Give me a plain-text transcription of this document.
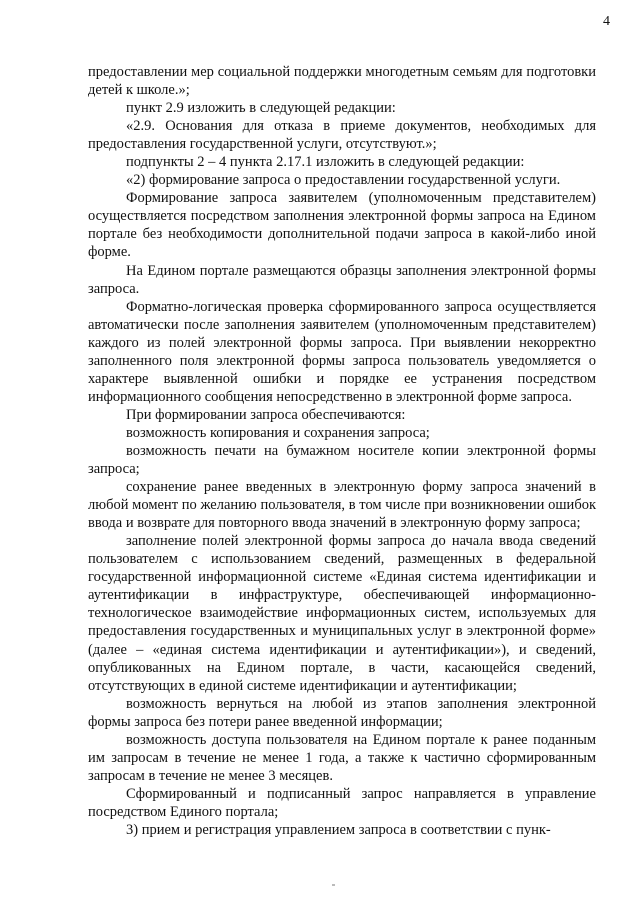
4

предоставлении мер социальной поддержки многодетным семьям для подготовки детей к школе.»;

пункт 2.9 изложить в следующей редакции:

«2.9. Основания для отказа в приеме документов, необходимых для предоставления государственной услуги, отсутствуют.»;

подпункты 2 – 4 пункта 2.17.1 изложить в следующей редакции:

«2) формирование запроса о предоставлении государственной услуги.

Формирование запроса заявителем (уполномоченным представителем) осуществляется посредством заполнения электронной формы запроса на Едином портале без необходимости дополнительной подачи запроса в какой-либо иной форме.

На Едином портале размещаются образцы заполнения электронной формы запроса.

Форматно-логическая проверка сформированного запроса осуществляется автоматически после заполнения заявителем (уполномоченным представителем) каждого из полей электронной формы запроса. При выявлении некорректно заполненного поля электронной формы запроса пользователь уведомляется о характере выявленной ошибки и порядке ее устранения посредством информационного сообщения непосредственно в электронной форме запроса.

При формировании запроса обеспечиваются:

возможность копирования и сохранения запроса;

возможность печати на бумажном носителе копии электронной формы запроса;

сохранение ранее введенных в электронную форму запроса значений в любой момент по желанию пользователя, в том числе при возникновении ошибок ввода и возврате для повторного ввода значений в электронную форму запроса;

заполнение полей электронной формы запроса до начала ввода сведений пользователем с использованием сведений, размещенных в федеральной государственной информационной системе «Единая система идентификации и аутентификации в инфраструктуре, обеспечивающей информационно-технологическое взаимодействие информационных систем, используемых для предоставления государственных и муниципальных услуг в электронной форме» (далее – «единая система идентификации и аутентификации»), и сведений, опубликованных на Едином портале, в части, касающейся сведений, отсутствующих в единой системе идентификации и аутентификации;

возможность вернуться на любой из этапов заполнения электронной формы запроса без потери ранее введенной информации;

возможность доступа пользователя на Едином портале к ранее поданным им запросам в течение не менее 1 года, а также к частично сформированным запросам в течение не менее 3 месяцев.

Сформированный и подписанный запрос направляется в управление посредством Единого портала;

3) прием и регистрация управлением запроса в соответствии с пунк-
